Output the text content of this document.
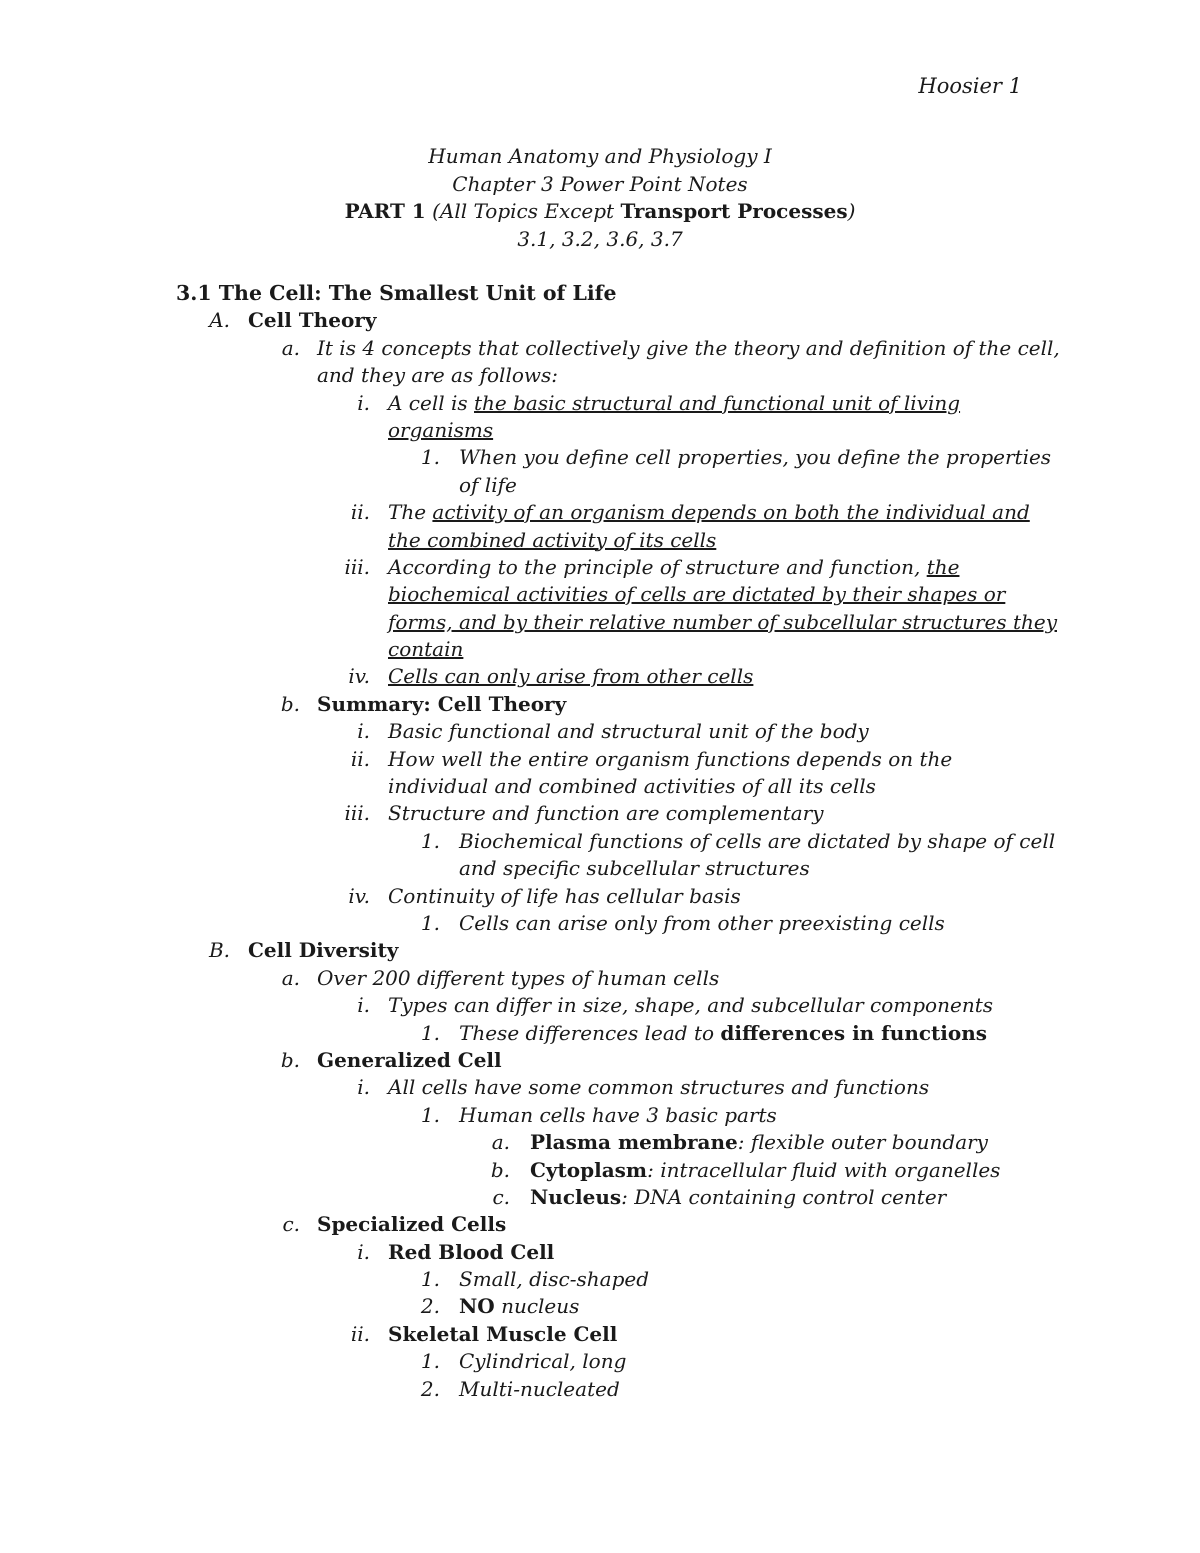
Hoosier 1
Human Anatomy and Physiology I
Chapter 3 Power Point Notes
PART 1 (All Topics Except Transport Processes)
3.1, 3.2, 3.6, 3.7
3.1 The Cell: The Smallest Unit of Life
A. Cell Theory
a. It is 4 concepts that collectively give the theory and definition of the cell,
and they are as follows:
i. A cell is the basic structural and functional unit of living
organisms
1. When you define cell properties, you define the properties
of life
ii. The activity of an organism depends on both the individual and
the combined activity of its cells
iii. According to the principle of structure and function, the
biochemical activities of cells are dictated by their shapes or
forms, and by their relative number of subcellular structures they
contain
iv. Cells can only arise from other cells
b. Summary: Cell Theory
i. Basic functional and structural unit of the body
ii. How well the entire organism functions depends on the
individual and combined activities of all its cells
iii. Structure and function are complementary
1. Biochemical functions of cells are dictated by shape of cell
and specific subcellular structures
iv. Continuity of life has cellular basis
1. Cells can arise only from other preexisting cells
B. Cell Diversity
a. Over 200 different types of human cells
i. Types can differ in size, shape, and subcellular components
1. These differences lead to differences in functions
b. Generalized Cell
i. All cells have some common structures and functions
1. Human cells have 3 basic parts
a. Plasma membrane: flexible outer boundary
b. Cytoplasm: intracellular fluid with organelles
c. Nucleus: DNA containing control center
c. Specialized Cells
i. Red Blood Cell
1. Small, disc-shaped
2. NO nucleus
ii. Skeletal Muscle Cell
1. Cylindrical, long
2. Multi-nucleated
